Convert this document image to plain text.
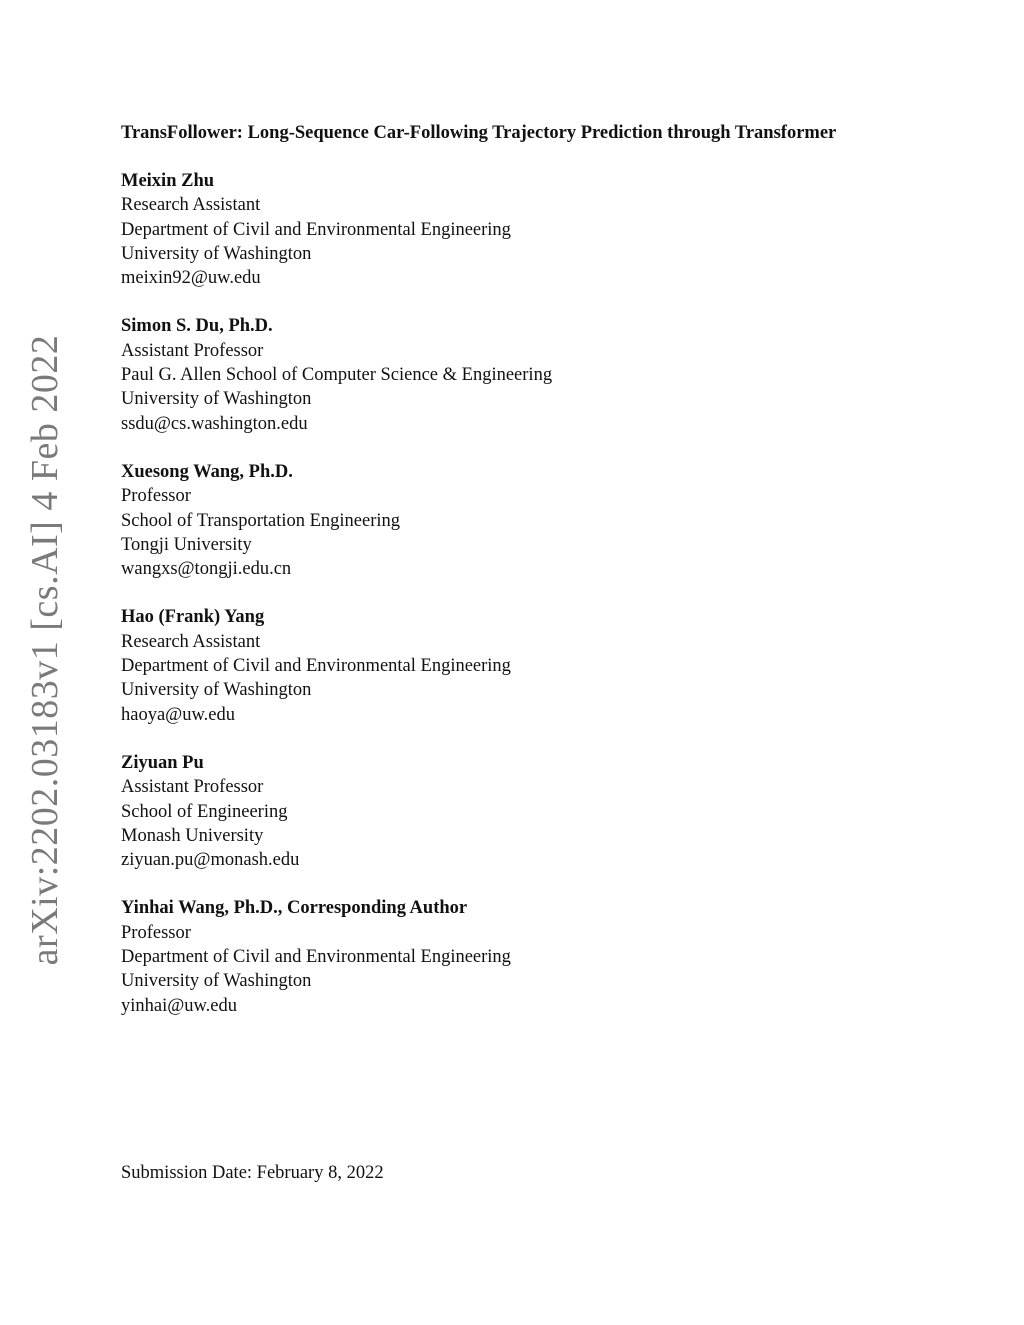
arXiv:2202.03183v1 [cs.AI] 4 Feb 2022
TransFollower: Long-Sequence Car-Following Trajectory Prediction through Transformer
Meixin Zhu
Research Assistant
Department of Civil and Environmental Engineering
University of Washington
meixin92@uw.edu
Simon S. Du, Ph.D.
Assistant Professor
Paul G. Allen School of Computer Science & Engineering
University of Washington
ssdu@cs.washington.edu
Xuesong Wang, Ph.D.
Professor
School of Transportation Engineering
Tongji University
wangxs@tongji.edu.cn
Hao (Frank) Yang
Research Assistant
Department of Civil and Environmental Engineering
University of Washington
haoya@uw.edu
Ziyuan Pu
Assistant Professor
School of Engineering
Monash University
ziyuan.pu@monash.edu
Yinhai Wang, Ph.D., Corresponding Author
Professor
Department of Civil and Environmental Engineering
University of Washington
yinhai@uw.edu
Submission Date: February 8, 2022
